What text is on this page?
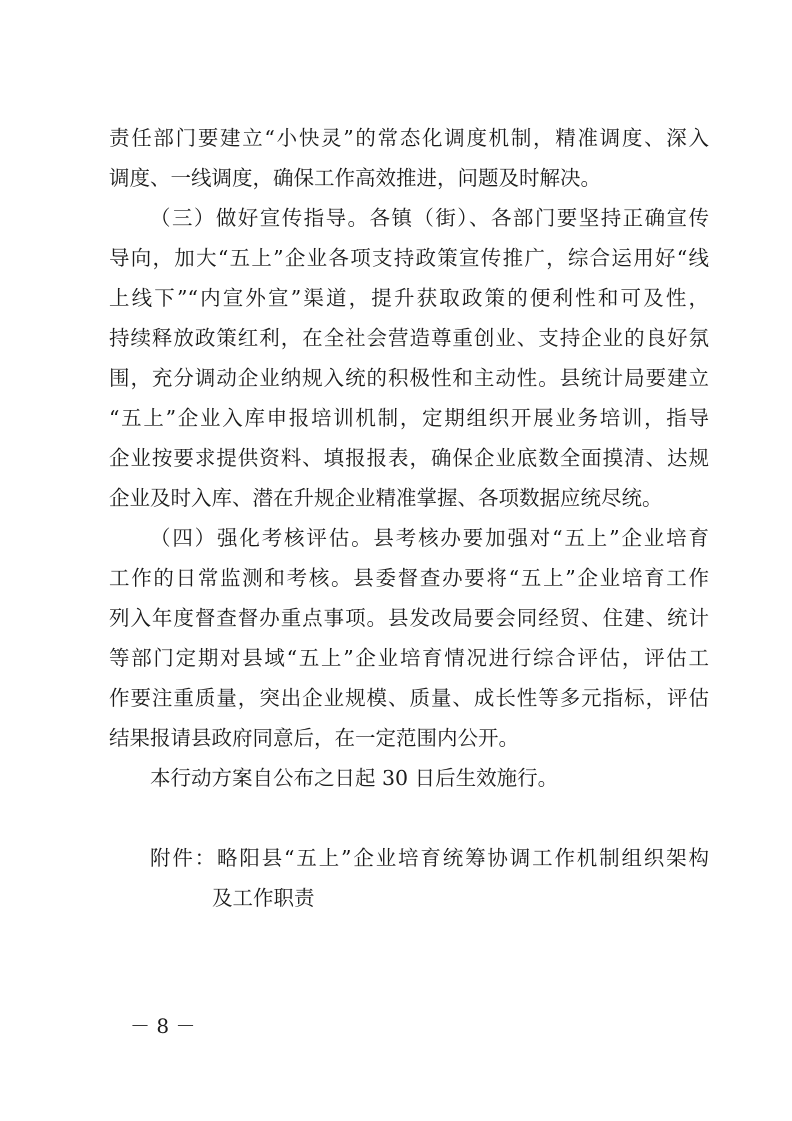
责任部门要建立“小快灵”的常态化调度机制，精准调度、深入
调度、一线调度，确保工作高效推进，问题及时解决。
（三）做好宣传指导。各镇（街）、各部门要坚持正确宣传
导向，加大“五上”企业各项支持政策宣传推广，综合运用好“线
上线下”“内宣外宣”渠道，提升获取政策的便利性和可及性，
持续释放政策红利，在全社会营造尊重创业、支持企业的良好氛
围，充分调动企业纳规入统的积极性和主动性。县统计局要建立
“五上”企业入库申报培训机制，定期组织开展业务培训，指导
企业按要求提供资料、填报报表，确保企业底数全面摸清、达规
企业及时入库、潜在升规企业精准掌握、各项数据应统尽统。
（四）强化考核评估。县考核办要加强对“五上”企业培育
工作的日常监测和考核。县委督查办要将“五上”企业培育工作
列入年度督查督办重点事项。县发改局要会同经贸、住建、统计
等部门定期对县域“五上”企业培育情况进行综合评估，评估工
作要注重质量，突出企业规模、质量、成长性等多元指标，评估
结果报请县政府同意后，在一定范围内公开。
本行动方案自公布之日起 30 日后生效施行。
附件：略阳县“五上”企业培育统筹协调工作机制组织架构
及工作职责
－ 8 －
